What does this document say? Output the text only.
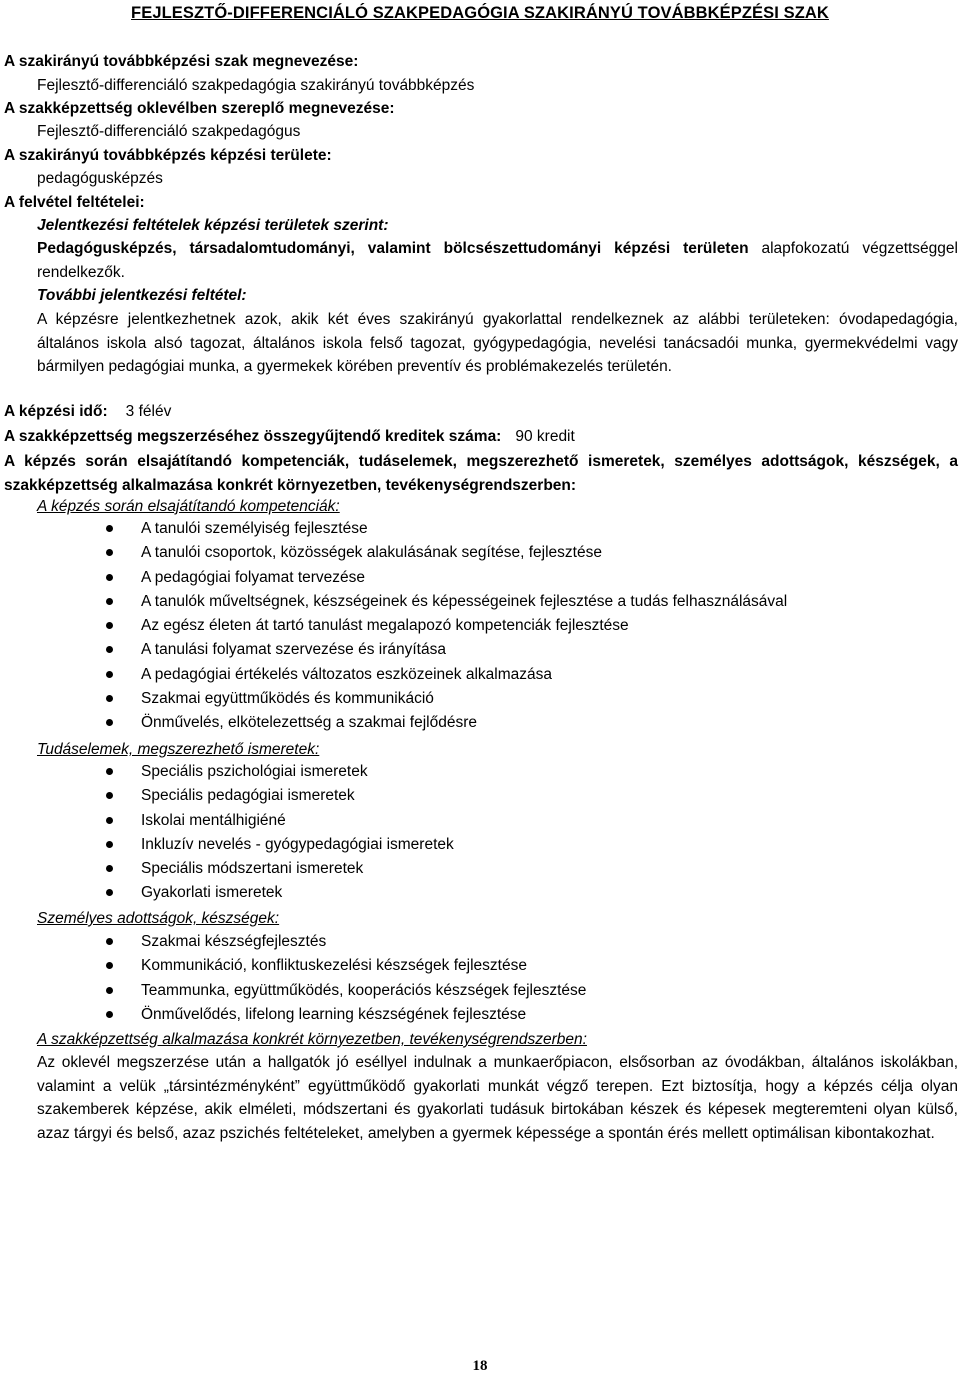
FEJLESZTŐ-DIFFERENCIÁLÓ SZAKPEDAGÓGIA SZAKIRÁNYÚ TOVÁBBKÉPZÉSI SZAK
A szakirányú továbbképzési szak megnevezése:
Fejlesztő-differenciáló szakpedagógia szakirányú továbbképzés
A szakképzettség oklevélben szereplő megnevezése:
Fejlesztő-differenciáló szakpedagógus
A szakirányú továbbképzés képzési területe:
pedagógusképzés
A felvétel feltételei:
Jelentkezési feltételek képzési területek szerint:
Pedagógusképzés, társadalomtudományi, valamint bölcsészettudományi képzési területen alapfokozatú végzettséggel rendelkezők.
További jelentkezési feltétel:
A képzésre jelentkezhetnek azok, akik két éves szakirányú gyakorlattal rendelkeznek az alábbi területeken: óvodapedagógia, általános iskola alsó tagozat, általános iskola felső tagozat, gyógypedagógia, nevelési tanácsadói munka, gyermekvédelmi vagy bármilyen pedagógiai munka, a gyermekek körében preventív és problémakezelés területén.
A képzési idő: 3 félév
A szakképzettség megszerzéséhez összegyűjtendő kreditek száma: 90 kredit
A képzés során elsajátítandó kompetenciák, tudáselemek, megszerezhető ismeretek, személyes adottságok, készségek, a szakképzettség alkalmazása konkrét környezetben, tevékenységrendszerben:
A képzés során elsajátítandó kompetenciák:
A tanulói személyiség fejlesztése
A tanulói csoportok, közösségek alakulásának segítése, fejlesztése
A pedagógiai folyamat tervezése
A tanulók műveltségnek, készségeinek és képességeinek fejlesztése a tudás felhasználásával
Az egész életen át tartó tanulást megalapozó kompetenciák fejlesztése
A tanulási folyamat szervezése és irányítása
A pedagógiai értékelés változatos eszközeinek alkalmazása
Szakmai együttműködés és kommunikáció
Önművelés, elkötelezettség a szakmai fejlődésre
Tudáselemek, megszerezhető ismeretek:
Speciális pszichológiai ismeretek
Speciális pedagógiai ismeretek
Iskolai mentálhigiéné
Inkluzív nevelés - gyógypedagógiai ismeretek
Speciális módszertani ismeretek
Gyakorlati ismeretek
Személyes adottságok, készségek:
Szakmai készségfejlesztés
Kommunikáció, konfliktuskezelési készségek fejlesztése
Teammunka, együttműködés, kooperációs készségek fejlesztése
Önművelődés, lifelong learning készségének fejlesztése
A szakképzettség alkalmazása konkrét környezetben, tevékenységrendszerben:
Az oklevél megszerzése után a hallgatók jó eséllyel indulnak a munkaerőpiacon, elsősorban az óvodákban, általános iskolákban, valamint a velük „társintézményként” együttműködő gyakorlati munkát végző terepen. Ezt biztosítja, hogy a képzés célja olyan szakemberek képzése, akik elméleti, módszertani és gyakorlati tudásuk birtokában készek és képesek megteremteni olyan külső, azaz tárgyi és belső, azaz pszichés feltételeket, amelyben a gyermek képessége a spontán érés mellett optimálisan kibontakozhat.
18
